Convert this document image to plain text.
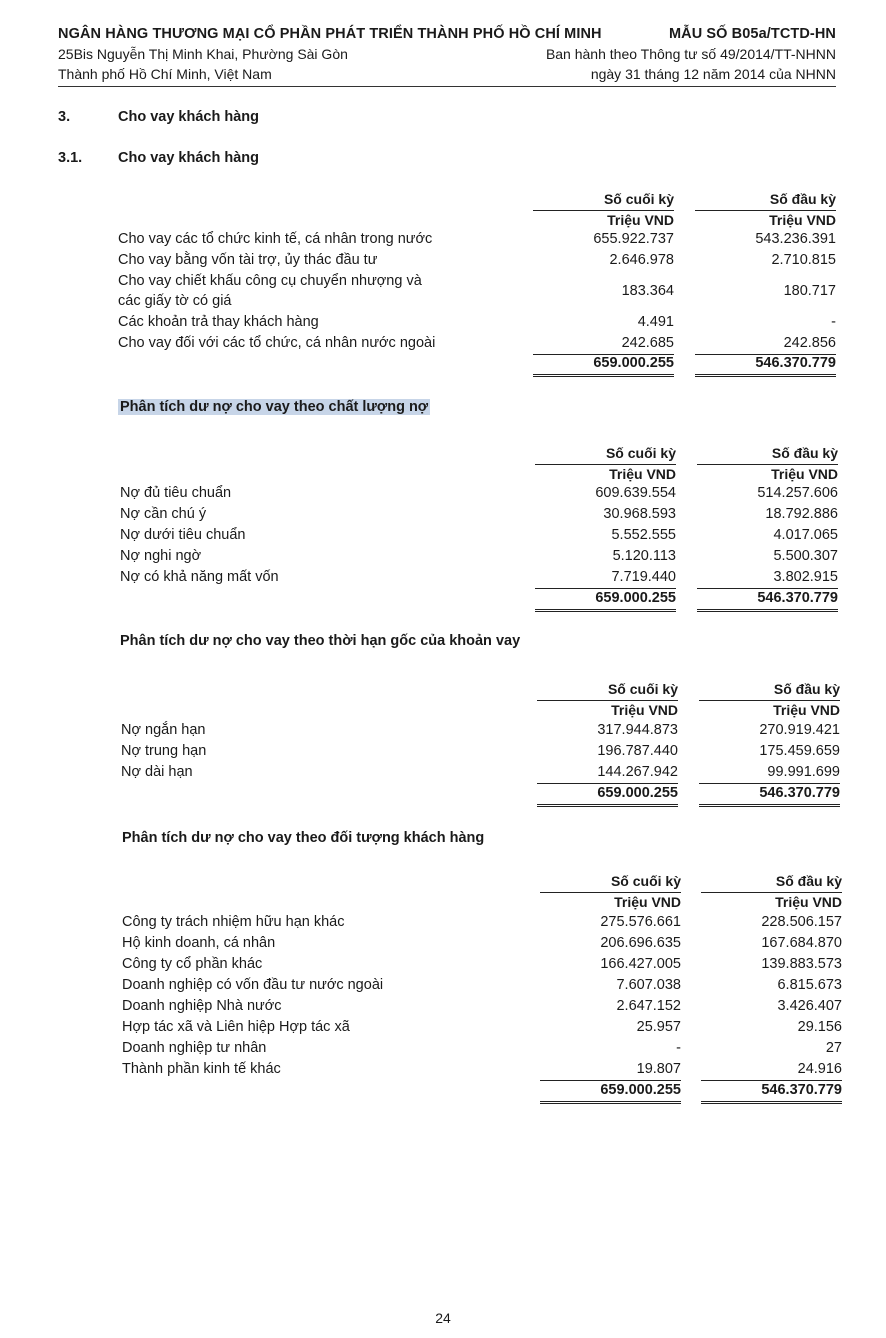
NGÂN HÀNG THƯƠNG MẠI CỔ PHẦN PHÁT TRIỂN THÀNH PHỐ HỒ CHÍ MINH
25Bis Nguyễn Thị Minh Khai, Phường Sài Gòn
Thành phố Hồ Chí Minh, Việt Nam
MẪU SỐ B05a/TCTD-HN
Ban hành theo Thông tư số 49/2014/TT-NHNN
ngày 31 tháng 12 năm 2014 của NHNN
3.	Cho vay khách hàng
3.1. Cho vay khách hàng
Số cuối kỳ	Số đầu kỳ
Triệu VND	Triệu VND
Cho vay các tổ chức kinh tế, cá nhân trong nước	655.922.737	543.236.391
Cho vay bằng vốn tài trợ, ủy thác đầu tư	2.646.978	2.710.815
Cho vay chiết khấu công cụ chuyển nhượng và
các giấy tờ có giá
183.364	180.717
Các khoản trả thay khách hàng	4.491	-
Cho vay đối với các tổ chức, cá nhân nước ngoài	242.685	242.856
659.000.255	546.370.779
Phân tích dư nợ cho vay theo chất lượng nợ
Số cuối kỳ	Số đầu kỳ
Triệu VND	Triệu VND
Nợ đủ tiêu chuẩn	609.639.554	514.257.606
Nợ cần chú ý	30.968.593	18.792.886
Nợ dưới tiêu chuẩn	5.552.555	4.017.065
Nợ nghi ngờ	5.120.113	5.500.307
Nợ có khả năng mất vốn	7.719.440	3.802.915
659.000.255	546.370.779
Phân tích dư nợ cho vay theo thời hạn gốc của khoản vay
Số cuối kỳ	Số đầu kỳ
Triệu VND	Triệu VND
Nợ ngắn hạn	317.944.873	270.919.421
Nợ trung hạn	196.787.440	175.459.659
Nợ dài hạn	144.267.942	99.991.699
659.000.255	546.370.779
Phân tích dư nợ cho vay theo đối tượng khách hàng
Số cuối kỳ	Số đầu kỳ
Triệu VND	Triệu VND
Công ty trách nhiệm hữu hạn khác	275.576.661	228.506.157
Hộ kinh doanh, cá nhân	206.696.635	167.684.870
Công ty cổ phần khác	166.427.005	139.883.573
Doanh nghiệp có vốn đầu tư nước ngoài	7.607.038	6.815.673
Doanh nghiệp Nhà nước	2.647.152	3.426.407
Hợp tác xã và Liên hiệp Hợp tác xã	25.957	29.156
Doanh nghiệp tư nhân	-	27
Thành phần kinh tế khác	19.807	24.916
659.000.255	546.370.779
24
